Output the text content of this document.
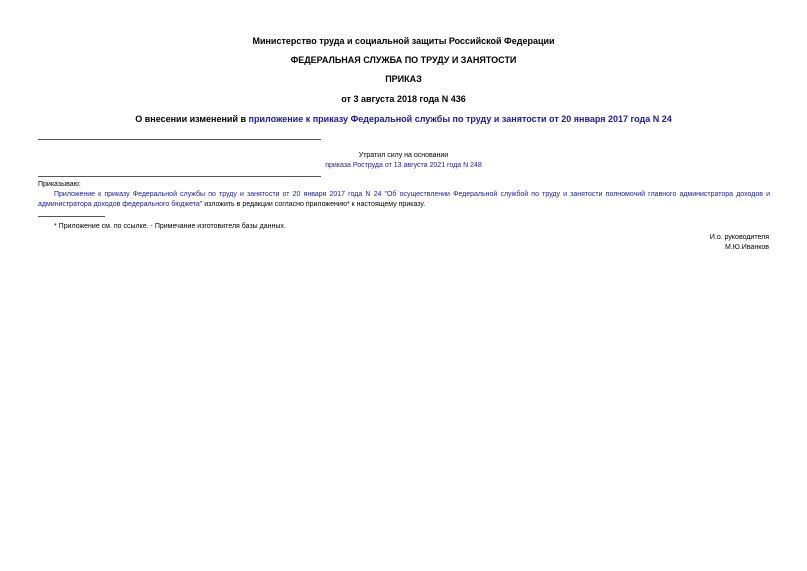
Министерство труда и социальной защиты Российской Федерации
ФЕДЕРАЛЬНАЯ СЛУЖБА ПО ТРУДУ И ЗАНЯТОСТИ
ПРИКАЗ
от 3 августа 2018 года N 436
О внесении изменений в приложение к приказу Федеральной службы по труду и занятости от 20 января 2017 года N 24
Утратил силу на основании
приказа Роструда от 13 августа 2021 года N 248
Приказываю:
Приложение к приказу Федеральной службы по труду и занятости от 20 января 2017 года N 24 "Об осуществлении Федеральной службой по труду и занятости полномочий главного администратора доходов и администратора доходов федерального бюджета" изложить в редакции согласно приложению* к настоящему приказу.
* Приложение см. по ссылке. - Примечание изготовителя базы данных.
И.о. руководителя
М.Ю.Иванков
